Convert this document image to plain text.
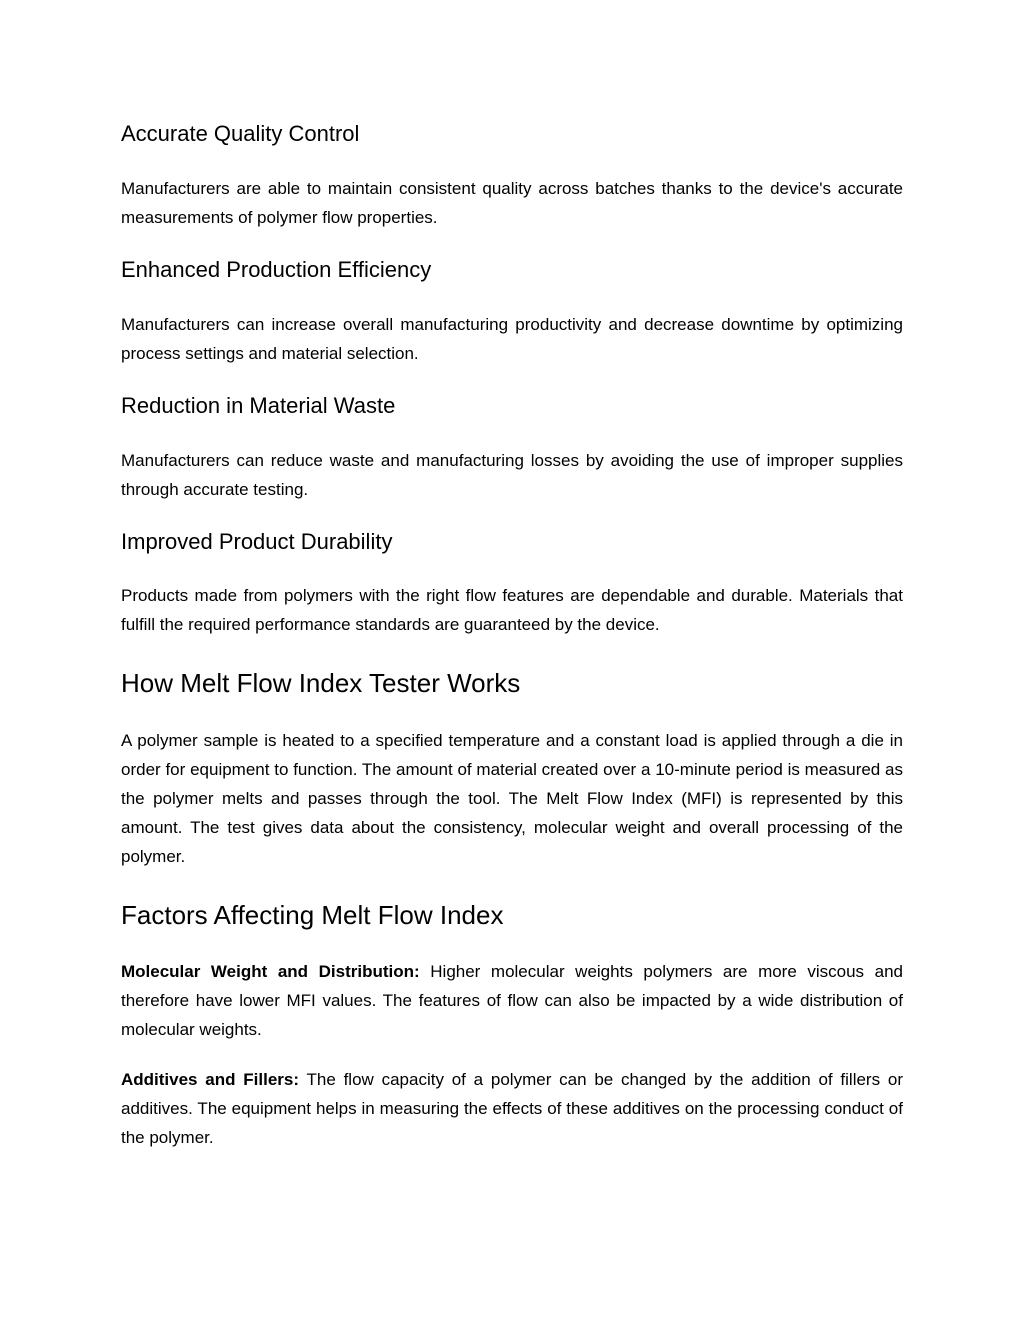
Accurate Quality Control

Manufacturers are able to maintain consistent quality across batches thanks to the device's accurate measurements of polymer flow properties.

Enhanced Production Efficiency

Manufacturers can increase overall manufacturing productivity and decrease downtime by optimizing process settings and material selection.

Reduction in Material Waste

Manufacturers can reduce waste and manufacturing losses by avoiding the use of improper supplies through accurate testing.

Improved Product Durability

Products made from polymers with the right flow features are dependable and durable. Materials that fulfill the required performance standards are guaranteed by the device.

How Melt Flow Index Tester Works

A polymer sample is heated to a specified temperature and a constant load is applied through a die in order for equipment to function. The amount of material created over a 10-minute period is measured as the polymer melts and passes through the tool. The Melt Flow Index (MFI) is represented by this amount. The test gives data about the consistency, molecular weight and overall processing of the polymer.

Factors Affecting Melt Flow Index

Molecular Weight and Distribution: Higher molecular weights polymers are more viscous and therefore have lower MFI values. The features of flow can also be impacted by a wide distribution of molecular weights.

Additives and Fillers: The flow capacity of a polymer can be changed by the addition of fillers or additives. The equipment helps in measuring the effects of these additives on the processing conduct of the polymer.
